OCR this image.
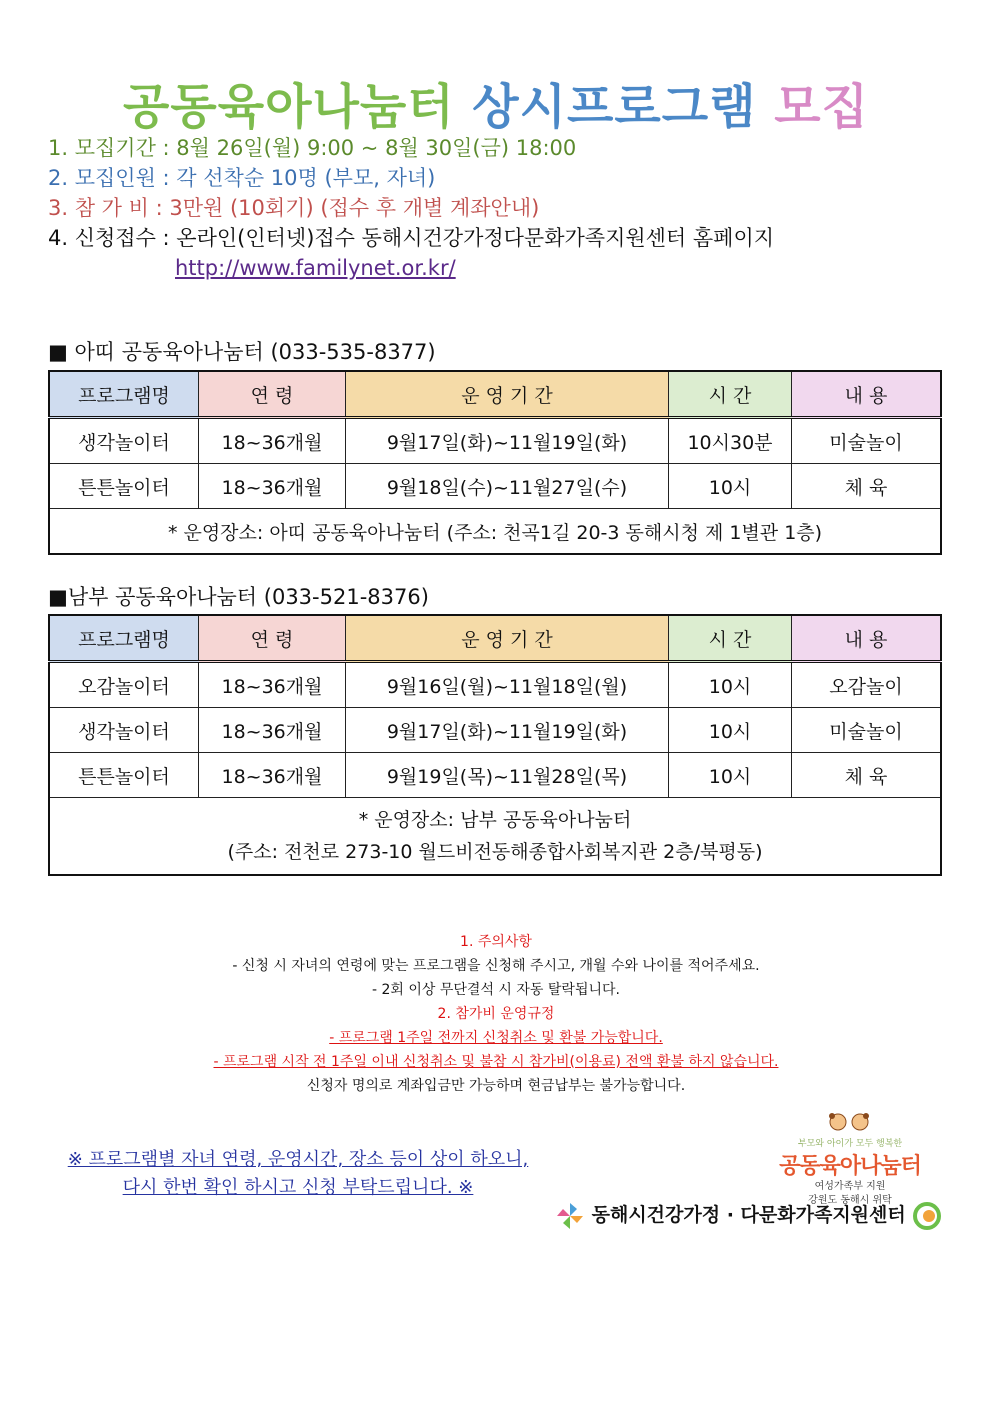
공동육아나눔터 상시프로그램 모집
1. 모집기간 : 8월 26일(월) 9:00 ~ 8월 30일(금) 18:00
2. 모집인원 : 각 선착순 10명 (부모, 자녀)
3. 참 가 비 : 3만원 (10회기) (접수 후 개별 계좌안내)
4. 신청접수 : 온라인(인터넷)접수 동해시건강가정다문화가족지원센터 홈페이지
http://www.familynet.or.kr/
■ 아띠 공동육아나눔터 (033-535-8377)
프로그램명	연 령	운 영 기 간	시 간	내 용
생각놀이터	18~36개월	9월17일(화)~11월19일(화)	10시30분	미술놀이
튼튼놀이터	18~36개월	9월18일(수)~11월27일(수)	10시	체 육
* 운영장소: 아띠 공동육아나눔터 (주소: 천곡1길 20-3 동해시청 제 1별관 1층)				
■남부 공동육아나눔터 (033-521-8376)
프로그램명	연 령	운 영 기 간	시 간	내 용
오감놀이터	18~36개월	9월16일(월)~11월18일(월)	10시	오감놀이
생각놀이터	18~36개월	9월17일(화)~11월19일(화)	10시	미술놀이
튼튼놀이터	18~36개월	9월19일(목)~11월28일(목)	10시	체 육

* 운영장소: 남부 공동육아나눔터
(주소: 전천로 273-10 월드비전동해종합사회복지관 2층/북평동)				
1. 주의사항
- 신청 시 자녀의 연령에 맞는 프로그램을 신청해 주시고, 개월 수와 나이를 적어주세요.
- 2회 이상 무단결석 시 자동 탈락됩니다.
2. 참가비 운영규정
- 프로그램 1주일 전까지 신청취소 및 환불 가능합니다.
- 프로그램 시작 전 1주일 이내 신청취소 및 불참 시 참가비(이용료) 전액 환불 하지 않습니다.
신청자 명의로 계좌입금만 가능하며 현금납부는 불가능합니다.
※ 프로그램별 자녀 연령, 운영시간, 장소 등이 상이 하오니,
다시 한번 확인 하시고 신청 부탁드립니다. ※
부모와 아이가 모두 행복한
공동육아나눔터
여성가족부 지원
강원도 동해시 위탁
동해시건강가정 · 다문화가족지원센터
